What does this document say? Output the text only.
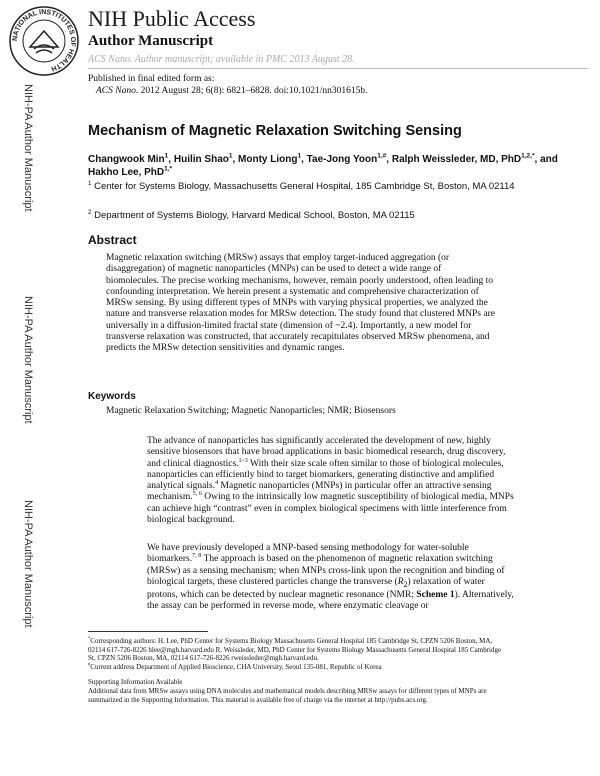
NATIONAL INSTITUTES OF HEALTH
NIH Public Access
Author Manuscript
ACS Nano. Author manuscript; available in PMC 2013 August 28.
Published in final edited form as:
ACS Nano. 2012 August 28; 6(8): 6821–6828. doi:10.1021/nn301615b.
NIH-PA Author Manuscript
NIH-PA Author Manuscript
NIH-PA Author Manuscript
Mechanism of Magnetic Relaxation Switching Sensing
Changwook Min$^1$, Huilin Shao$^1$, Monty Liong$^1$, Tae-Jong Yoon$^{1,\#}$, Ralph Weissleder, MD, PhD$^{1,2,*}$, and Hakho Lee, PhD$^{1,*}$
$^1$ Center for Systems Biology, Massachusetts General Hospital, 185 Cambridge St, Boston, MA 02114
$^2$ Department of Systems Biology, Harvard Medical School, Boston, MA 02115
Abstract
Magnetic relaxation switching (MRSw) assays that employ target-induced aggregation (or disaggregation) of magnetic nanoparticles (MNPs) can be used to detect a wide range of biomolecules. The precise working mechanisms, however, remain poorly understood, often leading to confounding interpretation. We herein present a systematic and comprehensive characterization of MRSw sensing. By using different types of MNPs with varying physical properties, we analyzed the nature and transverse relaxation modes for MRSw detection. The study found that clustered MNPs are universally in a diffusion-limited fractal state (dimension of ~2.4). Importantly, a new model for transverse relaxation was constructed, that accurately recapitulates observed MRSw phenomena, and predicts the MRSw detection sensitivities and dynamic ranges.
Keywords
Magnetic Relaxation Switching; Magnetic Nanoparticles; NMR; Biosensors
The advance of nanoparticles has significantly accelerated the development of new, highly sensitive biosensors that have broad applications in basic biomedical research, drug discovery, and clinical diagnostics.$^{1-3}$ With their size scale often similar to those of biological molecules, nanoparticles can efficiently bind to target biomarkers, generating distinctive and amplified analytical signals.$^4$ Magnetic nanoparticles (MNPs) in particular offer an attractive sensing mechanism.$^{5, 6}$ Owing to the intrinsically low magnetic susceptibility of biological media, MNPs can achieve high “contrast” even in complex biological specimens with little interference from biological background.
We have previously developed a MNP-based sensing methodology for water-soluble biomarkers.$^{7, 8}$ The approach is based on the phenomenon of magnetic relaxation switching (MRSw) as a sensing mechanism; when MNPs cross-link upon the recognition and binding of biological targets, these clustered particles change the transverse $(R_2)$ relaxation of water protons, which can be detected by nuclear magnetic resonance (NMR; Scheme 1). Alternatively, the assay can be performed in reverse mode, where enzymatic cleavage or
*Corresponding authors: H. Lee, PhD Center for Systems Biology Massachusetts General Hospital 185 Cambridge St, CPZN 5206 Boston, MA, 02114 617-726-8226 hlee@mgh.harvard.edu R. Weissleder, MD, PhD Center for Systems Biology Massachusetts General Hospital 185 Cambridge St, CPZN 5206 Boston, MA, 02114 617-726-8226 rweissleder@mgh.harvard.edu.
#Current address Department of Applied Bioscience, CHA University, Seoul 135-081, Republic of Korea
Supporting Information Available
Additional data from MRSw assays using DNA molecules and mathematical models describing MRSw assays for different types of MNPs are summarized in the Supporting Information. This material is available free of charge via the internet at http://pubs.acs.org.
